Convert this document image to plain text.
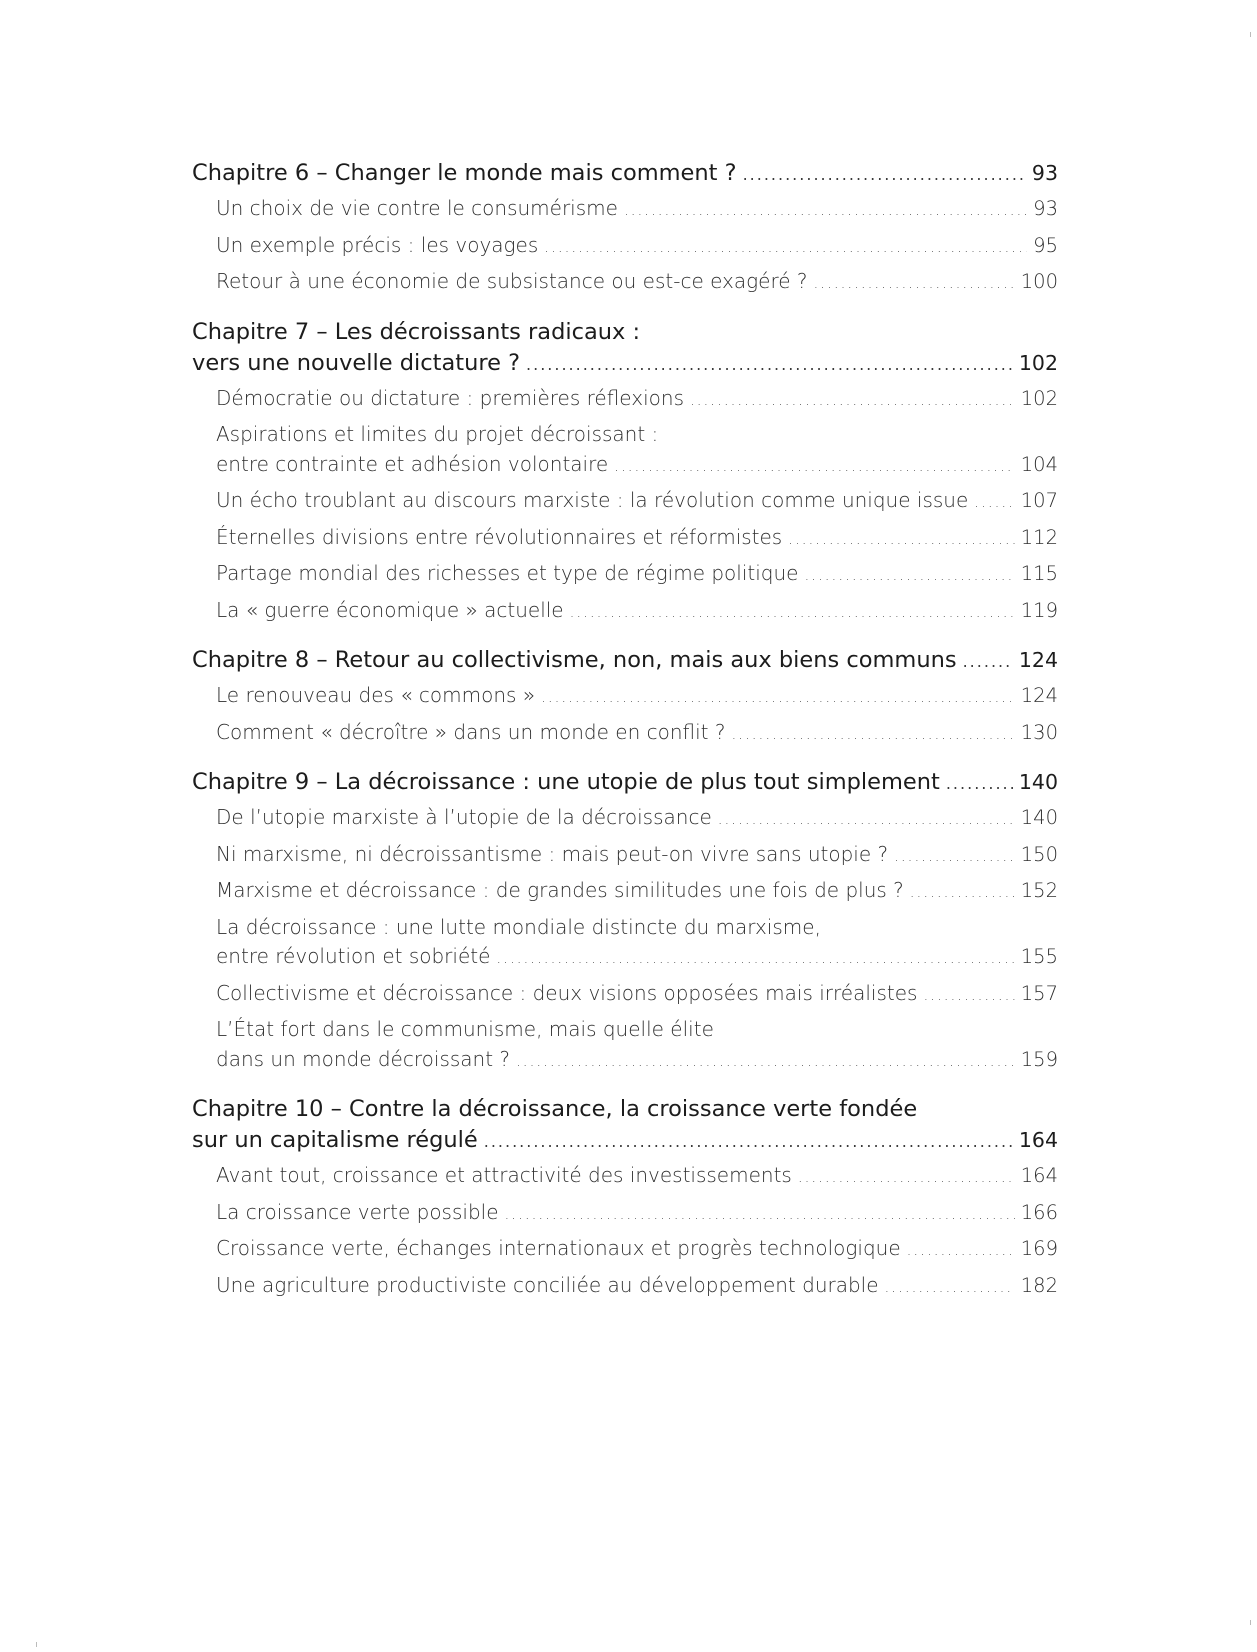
Chapitre 6 – Changer le monde mais comment ? .....	93
Un choix de vie contre le consumérisme .....	93
Un exemple précis : les voyages .....	95
Retour à une économie de subsistance ou est-ce exagéré ? .....	100
Chapitre 7 – Les décroissants radicaux :
vers une nouvelle dictature ? .....	102
Démocratie ou dictature : premières réflexions .....	102
Aspirations et limites du projet décroissant :
entre contrainte et adhésion volontaire .....	104
Un écho troublant au discours marxiste : la révolution comme unique issue .....	107
Éternelles divisions entre révolutionnaires et réformistes .....	112
Partage mondial des richesses et type de régime politique .....	115
La « guerre économique » actuelle .....	119
Chapitre 8 – Retour au collectivisme, non, mais aux biens communs .....	124
Le renouveau des « commons » .....	124
Comment « décroître » dans un monde en conflit ? .....	130
Chapitre 9 – La décroissance : une utopie de plus tout simplement .....	140
De l’utopie marxiste à l’utopie de la décroissance .....	140
Ni marxisme, ni décroissantisme : mais peut-on vivre sans utopie ? .....	150
Marxisme et décroissance : de grandes similitudes une fois de plus ? .....	152
La décroissance : une lutte mondiale distincte du marxisme,
entre révolution et sobriété .....	155
Collectivisme et décroissance : deux visions opposées mais irréalistes .....	157
L’État fort dans le communisme, mais quelle élite
dans un monde décroissant ? .....	159
Chapitre 10 – Contre la décroissance, la croissance verte fondée
sur un capitalisme régulé .....	164
Avant tout, croissance et attractivité des investissements .....	164
La croissance verte possible .....	166
Croissance verte, échanges internationaux et progrès technologique .....	169
Une agriculture productiviste conciliée au développement durable .....	182
